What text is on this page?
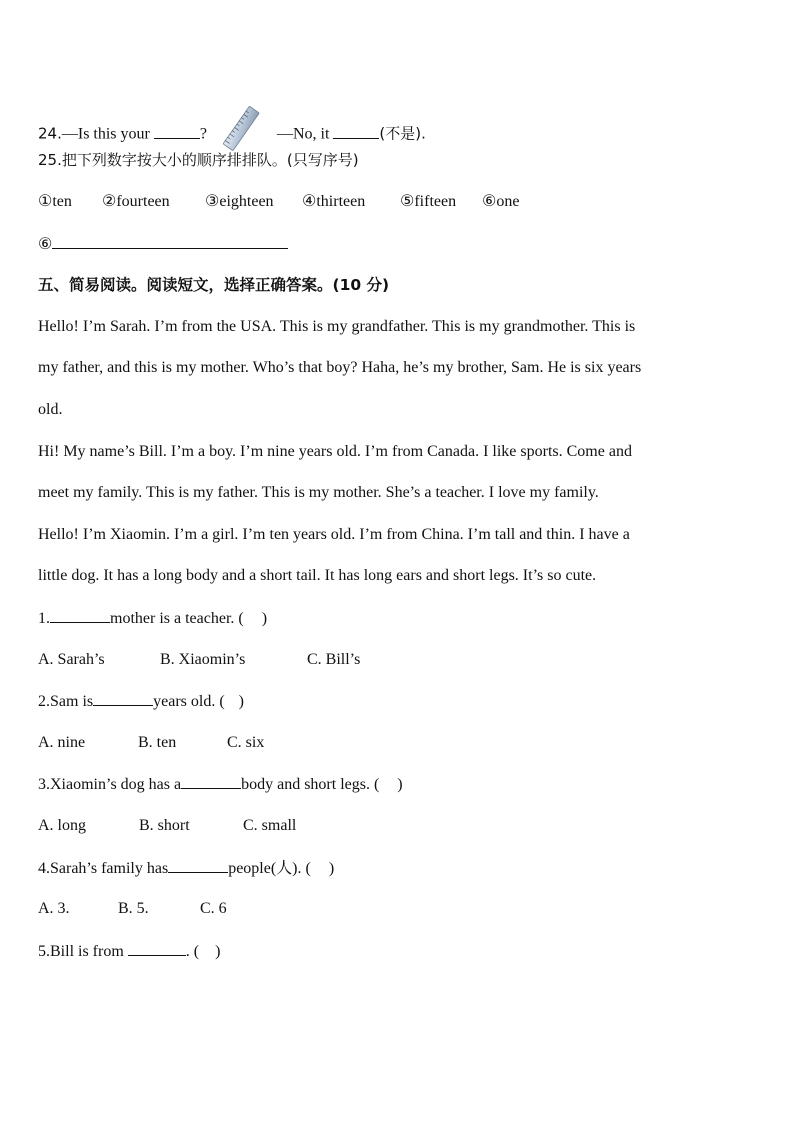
24.—Is this your	?	—No, it	(不是).
25.把下列数字按大小的顺序排排队。(只写序号)
①ten ②fourteen ③eighteen ④thirteen ⑤fifteen ⑥one
⑥
五、简易阅读。阅读短文，选择正确答案。(10 分)
Hello! I’m Sarah. I’m from the USA. This is my grandfather. This is my grandmother. This is
my father, and this is my mother. Who’s that boy? Haha, he’s my brother, Sam. He is six years
old.
Hi! My name’s Bill. I’m a boy. I’m nine years old. I’m from Canada. I like sports. Come and
meet my family. This is my father. This is my mother. She’s a teacher. I love my family.
Hello! I’m Xiaomin. I’m a girl. I’m ten years old. I’m from China. I’m tall and thin. I have a
little dog. It has a long body and a short tail. It has long ears and short legs. It’s so cute.
1.	mother is a teacher. ( )
A. Sarah’s	B. Xiaomin’s	C. Bill’s
2.Sam is	years old. ( )
A. nine	B. ten	C. six
3.Xiaomin’s dog has a	body and short legs. ( )
A. long	B. short	C. small
4.Sarah’s family has	people(人). ( )
A. 3.	B. 5.	C. 6
5.Bill is from	. ( )
